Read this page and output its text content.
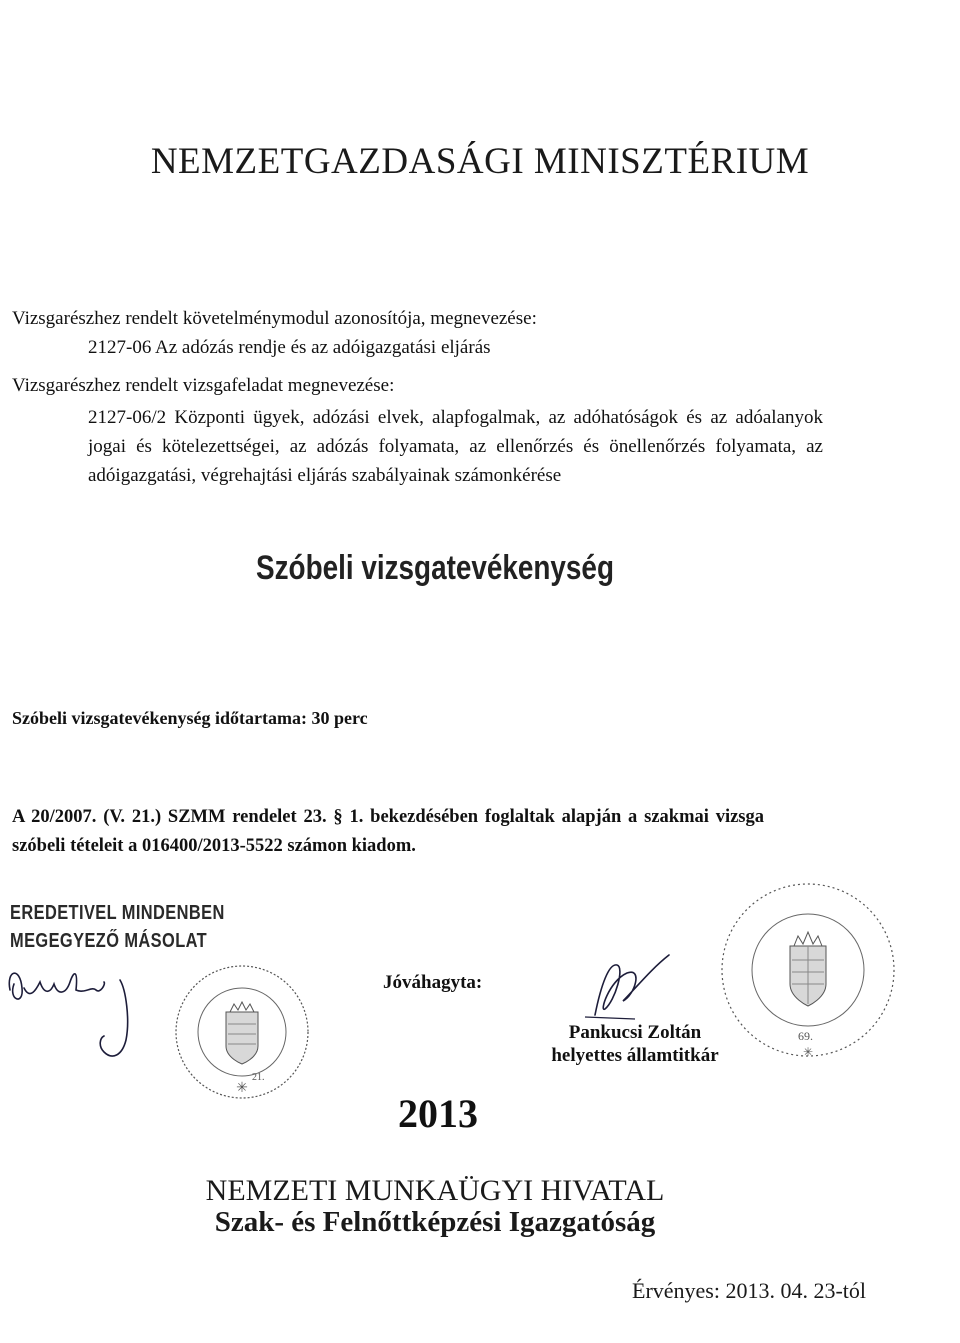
NEMZETGAZDASÁGI MINISZTÉRIUM
Vizsgarészhez rendelt követelménymodul azonosítója, megnevezése:
2127-06 Az adózás rendje és az adóigazgatási eljárás
Vizsgarészhez rendelt vizsgafeladat megnevezése:
2127-06/2 Központi ügyek, adózási elvek, alapfogalmak, az adóhatóságok és az adóalanyok jogai és kötelezettségei, az adózás folyamata, az ellenőrzés és önellenőrzés folyamata, az adóigazgatási, végrehajtási eljárás szabályainak számonkérése
Szóbeli vizsgatevékenység
Szóbeli vizsgatevékenység időtartama: 30 perc
A 20/2007. (V. 21.) SZMM rendelet 23. § 1. bekezdésében foglaltak alapján a szakmai vizsga szóbeli tételeit a 016400/2013-5522 számon kiadom.
EREDETIVEL MINDENBEN
MEGEGYEZŐ MÁSOLAT
21.
✳
Jóváhagyta:
Pankucsi Zoltán
helyettes államtitkár
69.
✳
2013
NEMZETI MUNKAÜGYI HIVATAL
Szak- és Felnőttképzési Igazgatóság
Érvényes: 2013. 04. 23-tól
